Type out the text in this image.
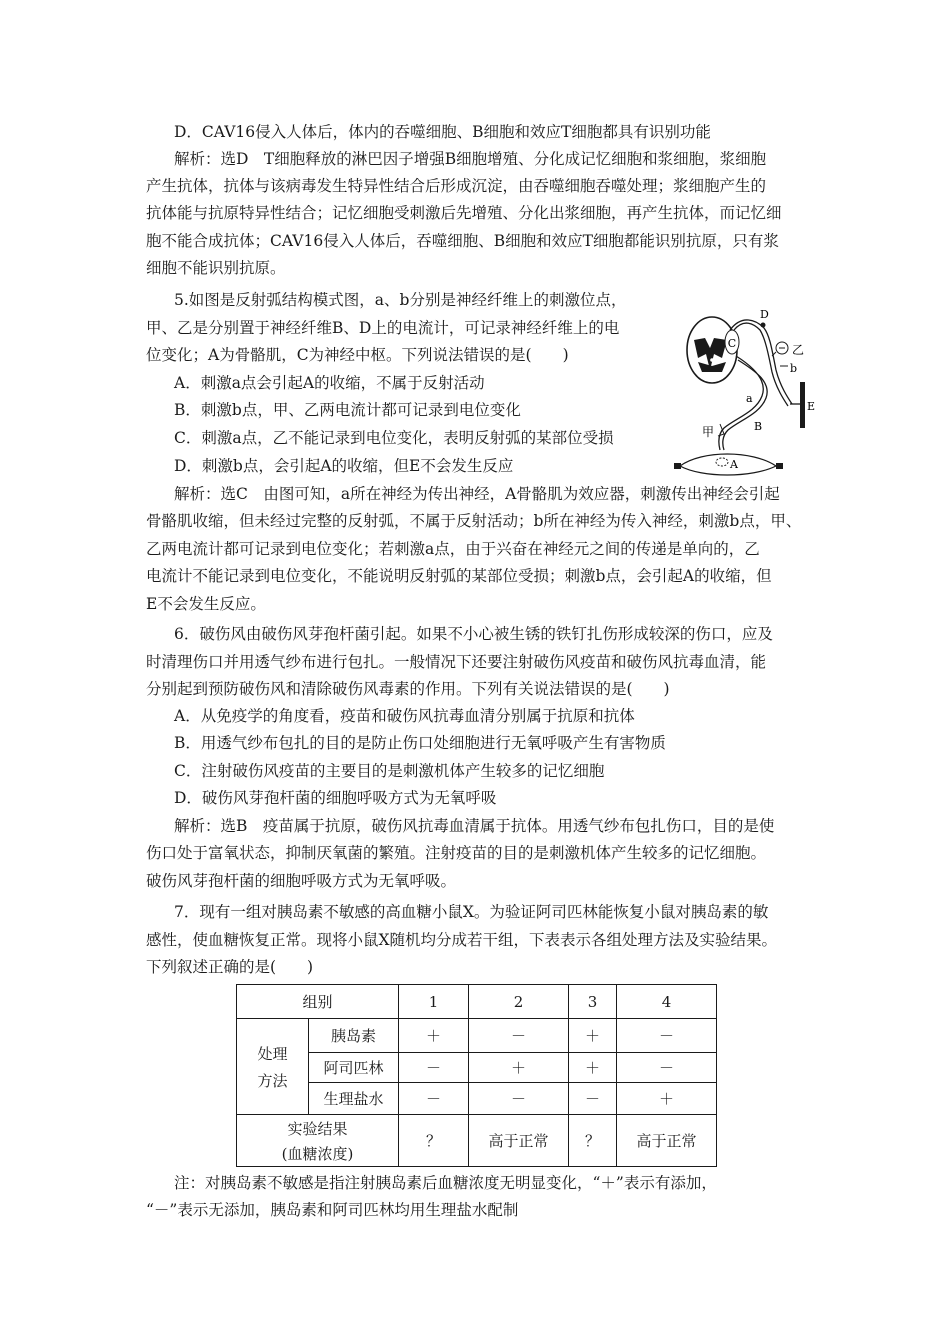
D．CAV16侵入人体后，体内的吞噬细胞、B细胞和效应T细胞都具有识别功能
解析：选D　T细胞释放的淋巴因子增强B细胞增殖、分化成记忆细胞和浆细胞，浆细胞
产生抗体，抗体与该病毒发生特异性结合后形成沉淀，由吞噬细胞吞噬处理；浆细胞产生的
抗体能与抗原特异性结合；记忆细胞受刺激后先增殖、分化出浆细胞，再产生抗体，而记忆细
胞不能合成抗体；CAV16侵入人体后，吞噬细胞、B细胞和效应T细胞都能识别抗原，只有浆
细胞不能识别抗原。
5.如图是反射弧结构模式图，a、b分别是神经纤维上的刺激位点，
甲、乙是分别置于神经纤维B、D上的电流计，可记录神经纤维上的电
位变化；A为骨骼肌，C为神经中枢。下列说法错误的是(　　)
A．刺激a点会引起A的收缩，不属于反射活动
B．刺激b点，甲、乙两电流计都可记录到电位变化
C．刺激a点，乙不能记录到电位变化，表明反射弧的某部位受损
D．刺激b点，会引起A的收缩，但E不会发生反应
C
D
乙
b
E
a
B
甲
A
解析：选C　由图可知，a所在神经为传出神经，A骨骼肌为效应器，刺激传出神经会引起
骨骼肌收缩，但未经过完整的反射弧，不属于反射活动；b所在神经为传入神经，刺激b点，甲、
乙两电流计都可记录到电位变化；若刺激a点，由于兴奋在神经元之间的传递是单向的，乙
电流计不能记录到电位变化，不能说明反射弧的某部位受损；刺激b点，会引起A的收缩，但
E不会发生反应。
6．破伤风由破伤风芽孢杆菌引起。如果不小心被生锈的铁钉扎伤形成较深的伤口，应及
时清理伤口并用透气纱布进行包扎。一般情况下还要注射破伤风疫苗和破伤风抗毒血清，能
分别起到预防破伤风和清除破伤风毒素的作用。下列有关说法错误的是(　　)
A．从免疫学的角度看，疫苗和破伤风抗毒血清分别属于抗原和抗体
B．用透气纱布包扎的目的是防止伤口处细胞进行无氧呼吸产生有害物质
C．注射破伤风疫苗的主要目的是刺激机体产生较多的记忆细胞
D．破伤风芽孢杆菌的细胞呼吸方式为无氧呼吸
解析：选B　疫苗属于抗原，破伤风抗毒血清属于抗体。用透气纱布包扎伤口，目的是使
伤口处于富氧状态，抑制厌氧菌的繁殖。注射疫苗的目的是刺激机体产生较多的记忆细胞。
破伤风芽孢杆菌的细胞呼吸方式为无氧呼吸。
7．现有一组对胰岛素不敏感的高血糖小鼠X。为验证阿司匹林能恢复小鼠对胰岛素的敏
感性，使血糖恢复正常。现将小鼠X随机均分成若干组，下表表示各组处理方法及实验结果。
下列叙述正确的是(　　)
组别		1	2	3	4

处理
方法	胰岛素	＋	－	＋	－
	阿司匹林	－	＋	＋	－
	生理盐水	－	－	－	＋

实验结果
(血糖浓度)		？	高于正常	？	高于正常
注：对胰岛素不敏感是指注射胰岛素后血糖浓度无明显变化，“＋”表示有添加，
“－”表示无添加，胰岛素和阿司匹林均用生理盐水配制
